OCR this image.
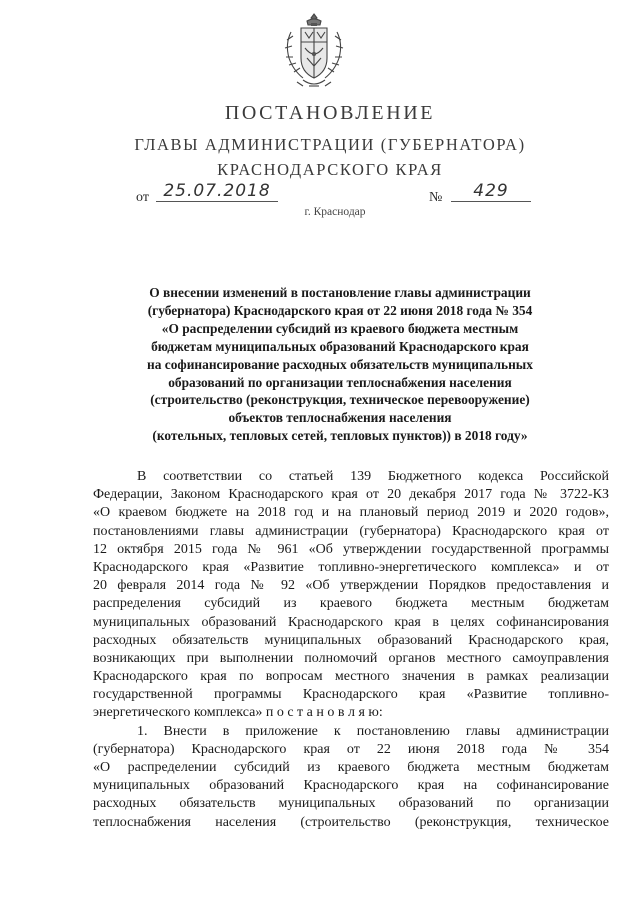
ПОСТАНОВЛЕНИЕ
ГЛАВЫ АДМИНИСТРАЦИИ (ГУБЕРНАТОРА)
КРАСНОДАРСКОГО КРАЯ
от 25.07.2018	№	429
г. Краснодар
О внесении изменений в постановление главы администрации
(губернатора) Краснодарского края от 22 июня 2018 года № 354
«О распределении субсидий из краевого бюджета местным
бюджетам муниципальных образований Краснодарского края
на софинансирование расходных обязательств муниципальных
образований по организации теплоснабжения населения
(строительство (реконструкция, техническое перевооружение)
объектов теплоснабжения населения
(котельных, тепловых сетей, тепловых пунктов)) в 2018 году»
В соответствии со статьей 139 Бюджетного кодекса Российской
Федерации, Законом Краснодарского края от 20 декабря 2017 года № 3722-КЗ
«О краевом бюджете на 2018 год и на плановый период 2019 и 2020 годов»,
постановлениями главы администрации (губернатора) Краснодарского края от
12 октября 2015 года № 961 «Об утверждении государственной программы
Краснодарского края «Развитие топливно-энергетического комплекса» и от
20 февраля 2014 года № 92 «Об утверждении Порядков предоставления и
распределения субсидий из краевого бюджета местным бюджетам
муниципальных образований Краснодарского края в целях софинансирования
расходных обязательств муниципальных образований Краснодарского края,
возникающих при выполнении полномочий органов местного самоуправления
Краснодарского края по вопросам местного значения в рамках реализации
государственной программы Краснодарского края «Развитие топливно-
энергетического комплекса» п о с т а н о в л я ю:
1. Внести в приложение к постановлению главы администрации
(губернатора) Краснодарского края от 22 июня 2018 года № 354
«О распределении субсидий из краевого бюджета местным бюджетам
муниципальных образований Краснодарского края на софинансирование
расходных обязательств муниципальных образований по организации
теплоснабжения населения (строительство (реконструкция, техническое
